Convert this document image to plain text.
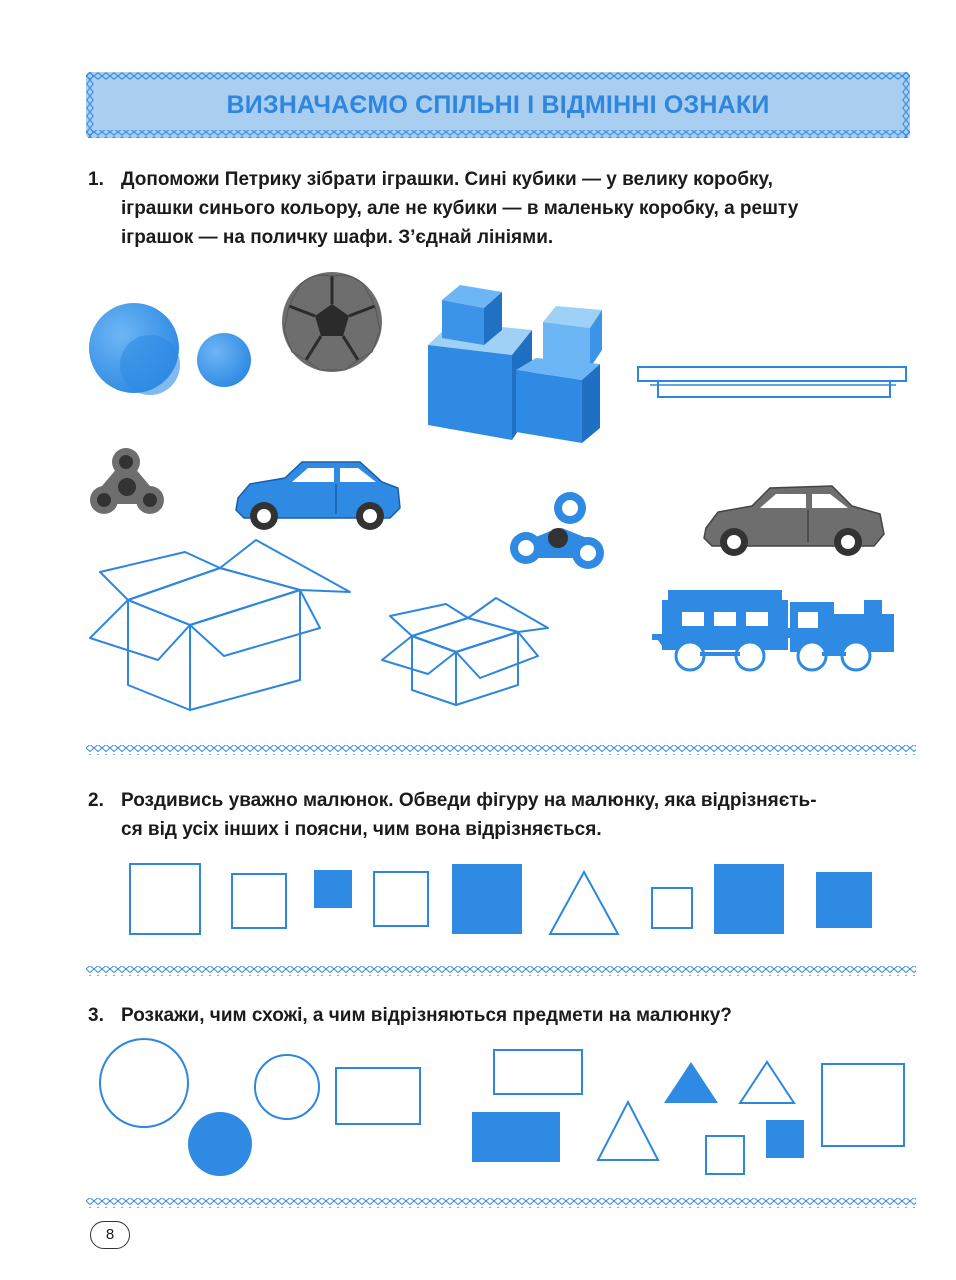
ВИЗНАЧАЄМО СПІЛЬНІ І ВІДМІННІ ОЗНАКИ
1. Допоможи Петрику зібрати іграшки. Сині кубики — у велику коробку,
іграшки синього кольору, але не кубики — в маленьку коробку, а решту
іграшок — на поличку шафи. З’єднай лініями.
2. Роздивись уважно малюнок. Обведи фігуру на малюнку, яка відрізняєть-
ся від усіх інших і поясни, чим вона відрізняється.
3. Розкажи, чим схожі, а чим відрізняються предмети на малюнку?
8
